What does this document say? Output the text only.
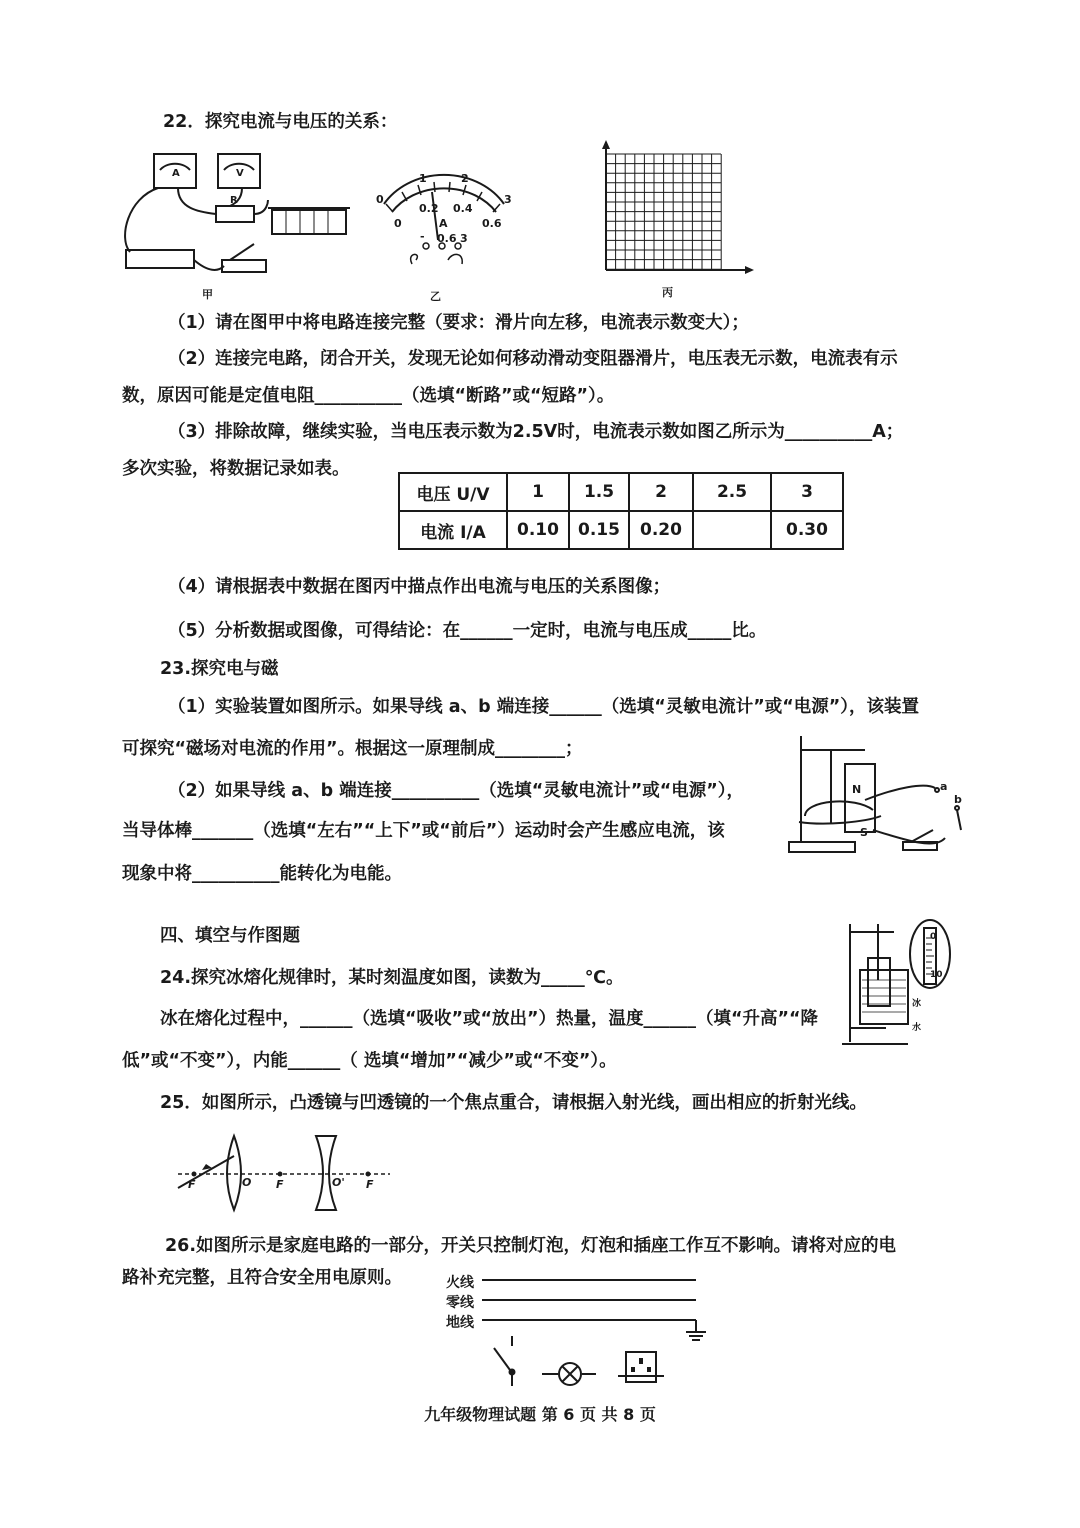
22．探究电流与电压的关系：
A	V
R
甲
0
1	2
3
0
0.2 0.4
0.6
A
- 0.6 3
乙	丙
（1）请在图甲中将电路连接完整（要求：滑片向左移，电流表示数变大）；
（2）连接完电路，闭合开关，发现无论如何移动滑动变阻器滑片，电压表无示数，电流表有示
数，原因可能是定值电阻__________（选填“断路”或“短路”）。
（3）排除故障，继续实验，当电压表示数为2.5V时，电流表示数如图乙所示为__________A；
多次实验，将数据记录如表。
电压 U/V	1	1.5	2	2.5	3
电流 I/A	0.10	0.15	0.20		0.30
（4）请根据表中数据在图丙中描点作出电流与电压的关系图像；
（5）分析数据或图像，可得结论：在______一定时，电流与电压成_____比。
23.探究电与磁
（1）实验装置如图所示。如果导线 a、b 端连接______（选填“灵敏电流计”或“电源”），该装置
可探究“磁场对电流的作用”。根据这一原理制成________；
（2）如果导线 a、b 端连接__________（选填“灵敏电流计”或“电源”），
当导体棒_______（选填“左右”“上下”或“前后”）运动时会产生感应电流，该
现象中将__________能转化为电能。
N
S
a
b
四、填空与作图题
24.探究冰熔化规律时，某时刻温度如图，读数为_____℃。
冰在熔化过程中，______（选填“吸收”或“放出”）热量，温度______（填“升高”“降
低”或“不变”），内能______（ 选填“增加”“减少”或“不变”）。
0
10
冰
水
25．如图所示，凸透镜与凹透镜的一个焦点重合，请根据入射光线，画出相应的折射光线。
F	O F	O' F
26.如图所示是家庭电路的一部分，开关只控制灯泡，灯泡和插座工作互不影响。请将对应的电
路补充完整，且符合安全用电原则。	火线
零线
地线
九年级物理试题 第 6 页 共 8 页
